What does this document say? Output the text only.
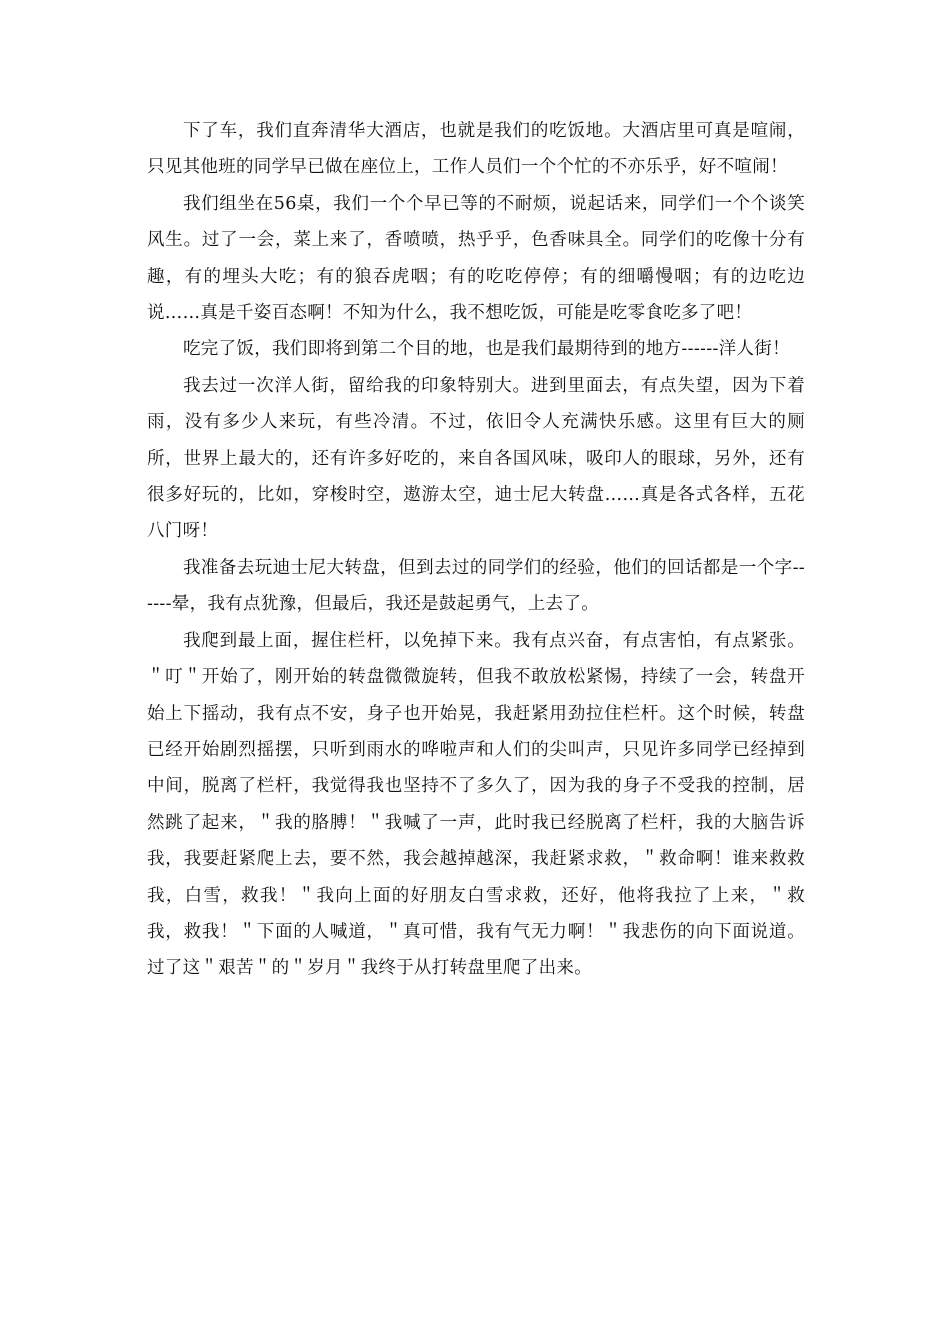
下了车，我们直奔清华大酒店，也就是我们的吃饭地。大酒店里可真是喧闹，只见其他班的同学早已做在座位上，工作人员们一个个忙的不亦乐乎，好不喧闹！

我们组坐在56桌，我们一个个早已等的不耐烦，说起话来，同学们一个个谈笑风生。过了一会，菜上来了，香喷喷，热乎乎，色香味具全。同学们的吃像十分有趣，有的埋头大吃；有的狼吞虎咽；有的吃吃停停；有的细嚼慢咽；有的边吃边说……真是千姿百态啊！不知为什么，我不想吃饭，可能是吃零食吃多了吧！

吃完了饭，我们即将到第二个目的地，也是我们最期待到的地方------洋人街！

我去过一次洋人街，留给我的印象特别大。进到里面去，有点失望，因为下着雨，没有多少人来玩，有些冷清。不过，依旧令人充满快乐感。这里有巨大的厕所，世界上最大的，还有许多好吃的，来自各国风味，吸印人的眼球，另外，还有很多好玩的，比如，穿梭时空，遨游太空，迪士尼大转盘……真是各式各样，五花八门呀！

我准备去玩迪士尼大转盘，但到去过的同学们的经验，他们的回话都是一个字------晕，我有点犹豫，但最后，我还是鼓起勇气，上去了。

我爬到最上面，握住栏杆，以免掉下来。我有点兴奋，有点害怕，有点紧张。＂叮＂开始了，刚开始的转盘微微旋转，但我不敢放松紧惕，持续了一会，转盘开始上下摇动，我有点不安，身子也开始晃，我赶紧用劲拉住栏杆。这个时候，转盘已经开始剧烈摇摆，只听到雨水的哗啦声和人们的尖叫声，只见许多同学已经掉到中间，脱离了栏杆，我觉得我也坚持不了多久了，因为我的身子不受我的控制，居然跳了起来，＂我的胳膊！＂我喊了一声，此时我已经脱离了栏杆，我的大脑告诉我，我要赶紧爬上去，要不然，我会越掉越深，我赶紧求救，＂救命啊！谁来救救我，白雪，救我！＂我向上面的好朋友白雪求救，还好，他将我拉了上来，＂救我，救我！＂下面的人喊道，＂真可惜，我有气无力啊！＂我悲伤的向下面说道。过了这＂艰苦＂的＂岁月＂我终于从打转盘里爬了出来。
